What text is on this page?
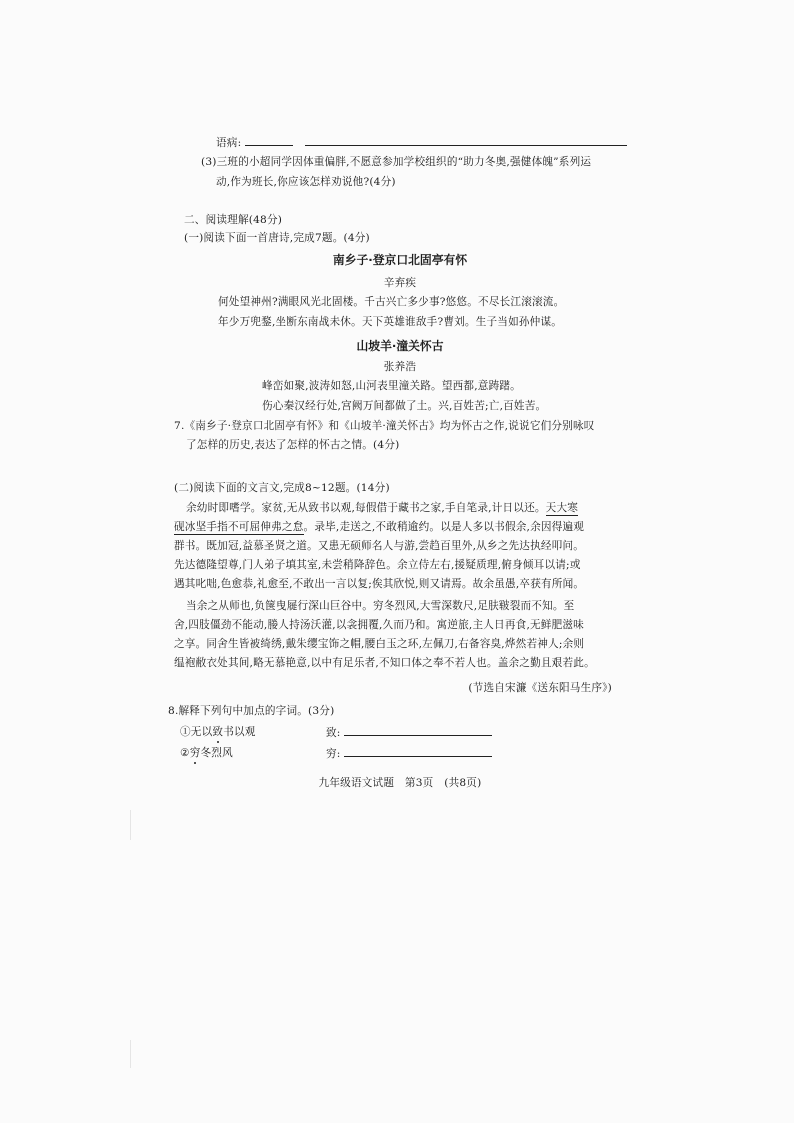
语病:
(3)三班的小超同学因体重偏胖,不愿意参加学校组织的“助力冬奥,强健体魄”系列运
动,作为班长,你应该怎样劝说他?(4分)
二、阅读理解(48分)
(一)阅读下面一首唐诗,完成7题。(4分)
南乡子·登京口北固亭有怀
辛弃疾
何处望神州?满眼风光北固楼。千古兴亡多少事?悠悠。不尽长江滚滚流。
年少万兜鍪,坐断东南战未休。天下英雄谁敌手?曹刘。生子当如孙仲谋。
山坡羊·潼关怀古
张养浩
峰峦如聚,波涛如怒,山河表里潼关路。望西都,意踌躇。
伤心秦汉经行处,宫阙万间都做了土。兴,百姓苦;亡,百姓苦。
7.《南乡子·登京口北固亭有怀》和《山坡羊·潼关怀古》均为怀古之作,说说它们分别咏叹
了怎样的历史,表达了怎样的怀古之情。(4分)
(二)阅读下面的文言文,完成8~12题。(14分)
余幼时即嗜学。家贫,无从致书以观,每假借于藏书之家,手自笔录,计日以还。天大寒
砚冰坚手指不可屈伸弗之怠。录毕,走送之,不敢稍逾约。以是人多以书假余,余因得遍观
群书。既加冠,益慕圣贤之道。又患无硕师名人与游,尝趋百里外,从乡之先达执经叩问。
先达德隆望尊,门人弟子填其室,未尝稍降辞色。余立侍左右,援疑质理,俯身倾耳以请;或
遇其叱咄,色愈恭,礼愈至,不敢出一言以复;俟其欣悦,则又请焉。故余虽愚,卒获有所闻。
当余之从师也,负箧曳屣行深山巨谷中。穷冬烈风,大雪深数尺,足肤皲裂而不知。至
舍,四肢僵劲不能动,媵人持汤沃灌,以衾拥覆,久而乃和。寓逆旅,主人日再食,无鲜肥滋味
之享。同舍生皆被绮绣,戴朱缨宝饰之帽,腰白玉之环,左佩刀,右备容臭,烨然若神人;余则
缊袍敝衣处其间,略无慕艳意,以中有足乐者,不知口体之奉不若人也。盖余之勤且艰若此。
(节选自宋濂《送东阳马生序》)
8.解释下列句中加点的字词。(3分)
①无以致书以观	致:
②穷冬烈风	穷:
九年级语文试题　第3页　(共8页)
